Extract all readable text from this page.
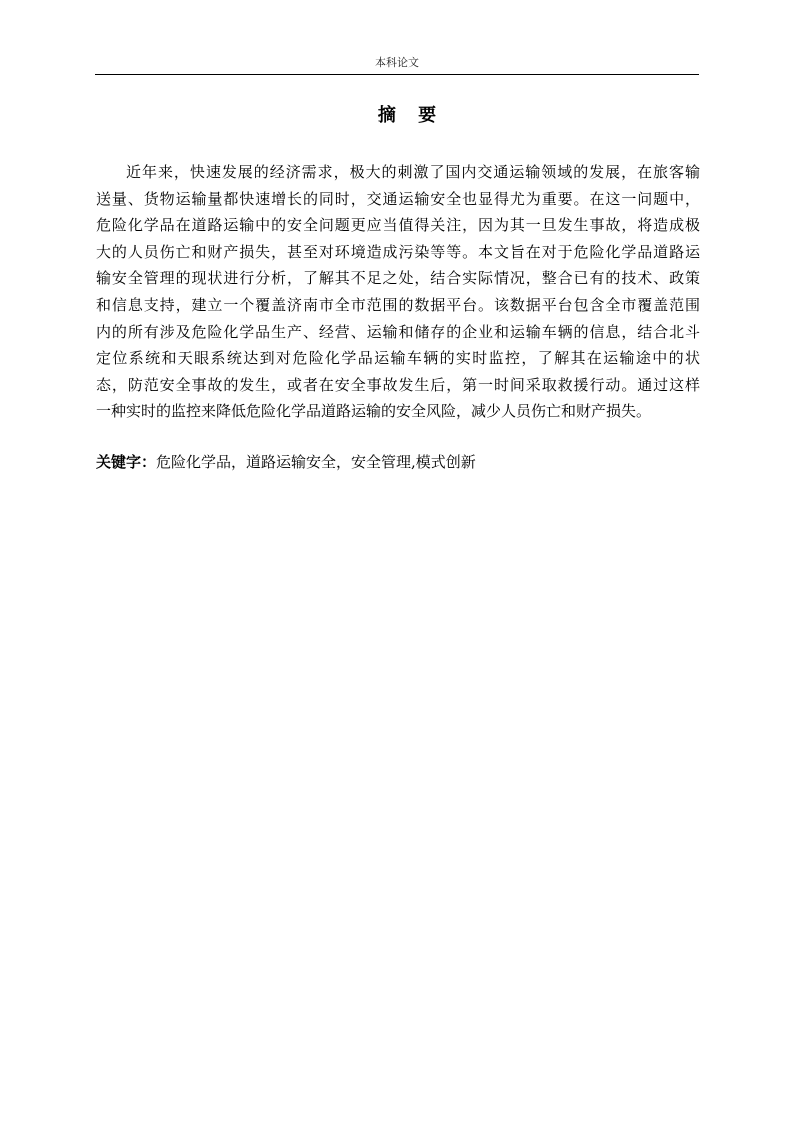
本科论文
摘 要

近年来，快速发展的经济需求，极大的刺激了国内交通运输领域的发展，在旅客输
送量、货物运输量都快速增长的同时，交通运输安全也显得尤为重要。在这一问题中，
危险化学品在道路运输中的安全问题更应当值得关注，因为其一旦发生事故，将造成极
大的人员伤亡和财产损失，甚至对环境造成污染等等。本文旨在对于危险化学品道路运
输安全管理的现状进行分析，了解其不足之处，结合实际情况，整合已有的技术、政策
和信息支持，建立一个覆盖济南市全市范围的数据平台。该数据平台包含全市覆盖范围
内的所有涉及危险化学品生产、经营、运输和储存的企业和运输车辆的信息，结合北斗
定位系统和天眼系统达到对危险化学品运输车辆的实时监控，了解其在运输途中的状
态，防范安全事故的发生，或者在安全事故发生后，第一时间采取救援行动。通过这样
一种实时的监控来降低危险化学品道路运输的安全风险，减少人员伤亡和财产损失。

关键字：危险化学品，道路运输安全，安全管理,模式创新
